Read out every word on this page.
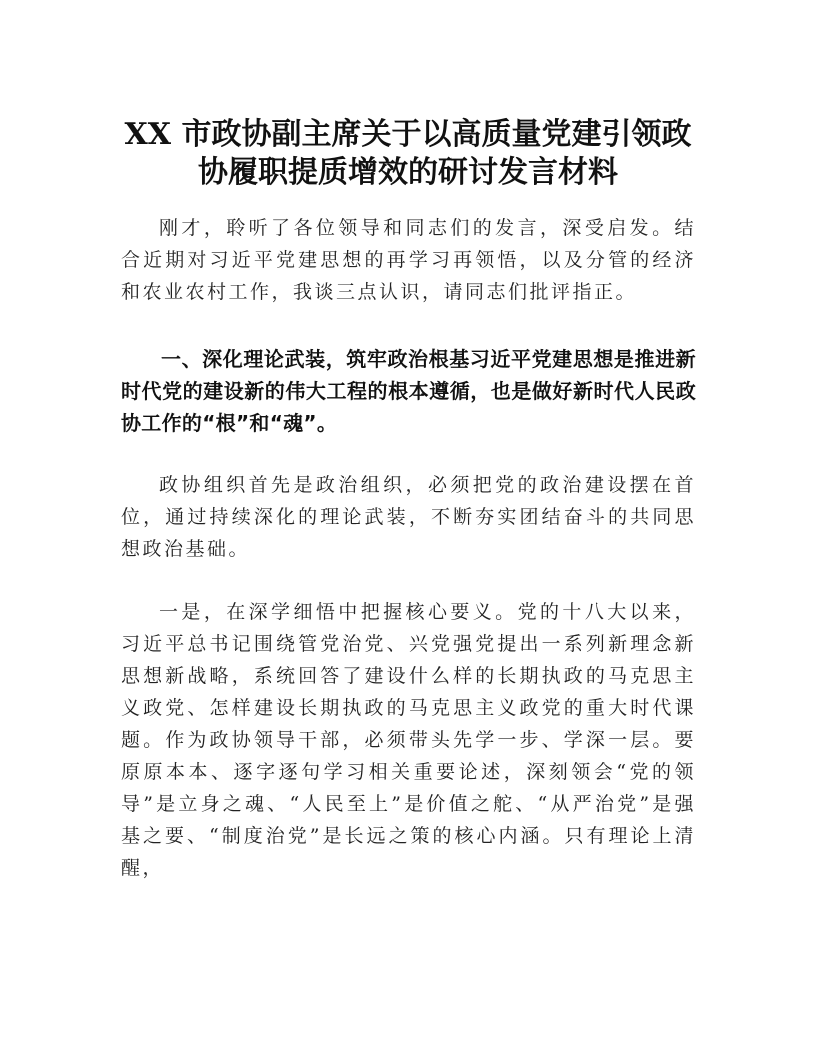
XX 市政协副主席关于以高质量党建引领政
协履职提质增效的研讨发言材料

刚才，聆听了各位领导和同志们的发言，深受启发。结合近期对习近平党建思想的再学习再领悟，以及分管的经济和农业农村工作，我谈三点认识，请同志们批评指正。

一、深化理论武装，筑牢政治根基习近平党建思想是推进新时代党的建设新的伟大工程的根本遵循，也是做好新时代人民政协工作的“根”和“魂”。

政协组织首先是政治组织，必须把党的政治建设摆在首位，通过持续深化的理论武装，不断夯实团结奋斗的共同思想政治基础。

一是，在深学细悟中把握核心要义。党的十八大以来，习近平总书记围绕管党治党、兴党强党提出一系列新理念新思想新战略，系统回答了建设什么样的长期执政的马克思主义政党、怎样建设长期执政的马克思主义政党的重大时代课题。作为政协领导干部，必须带头先学一步、学深一层。要原原本本、逐字逐句学习相关重要论述，深刻领会“党的领导”是立身之魂、“人民至上”是价值之舵、“从严治党”是强基之要、“制度治党”是长远之策的核心内涵。只有理论上清醒，
